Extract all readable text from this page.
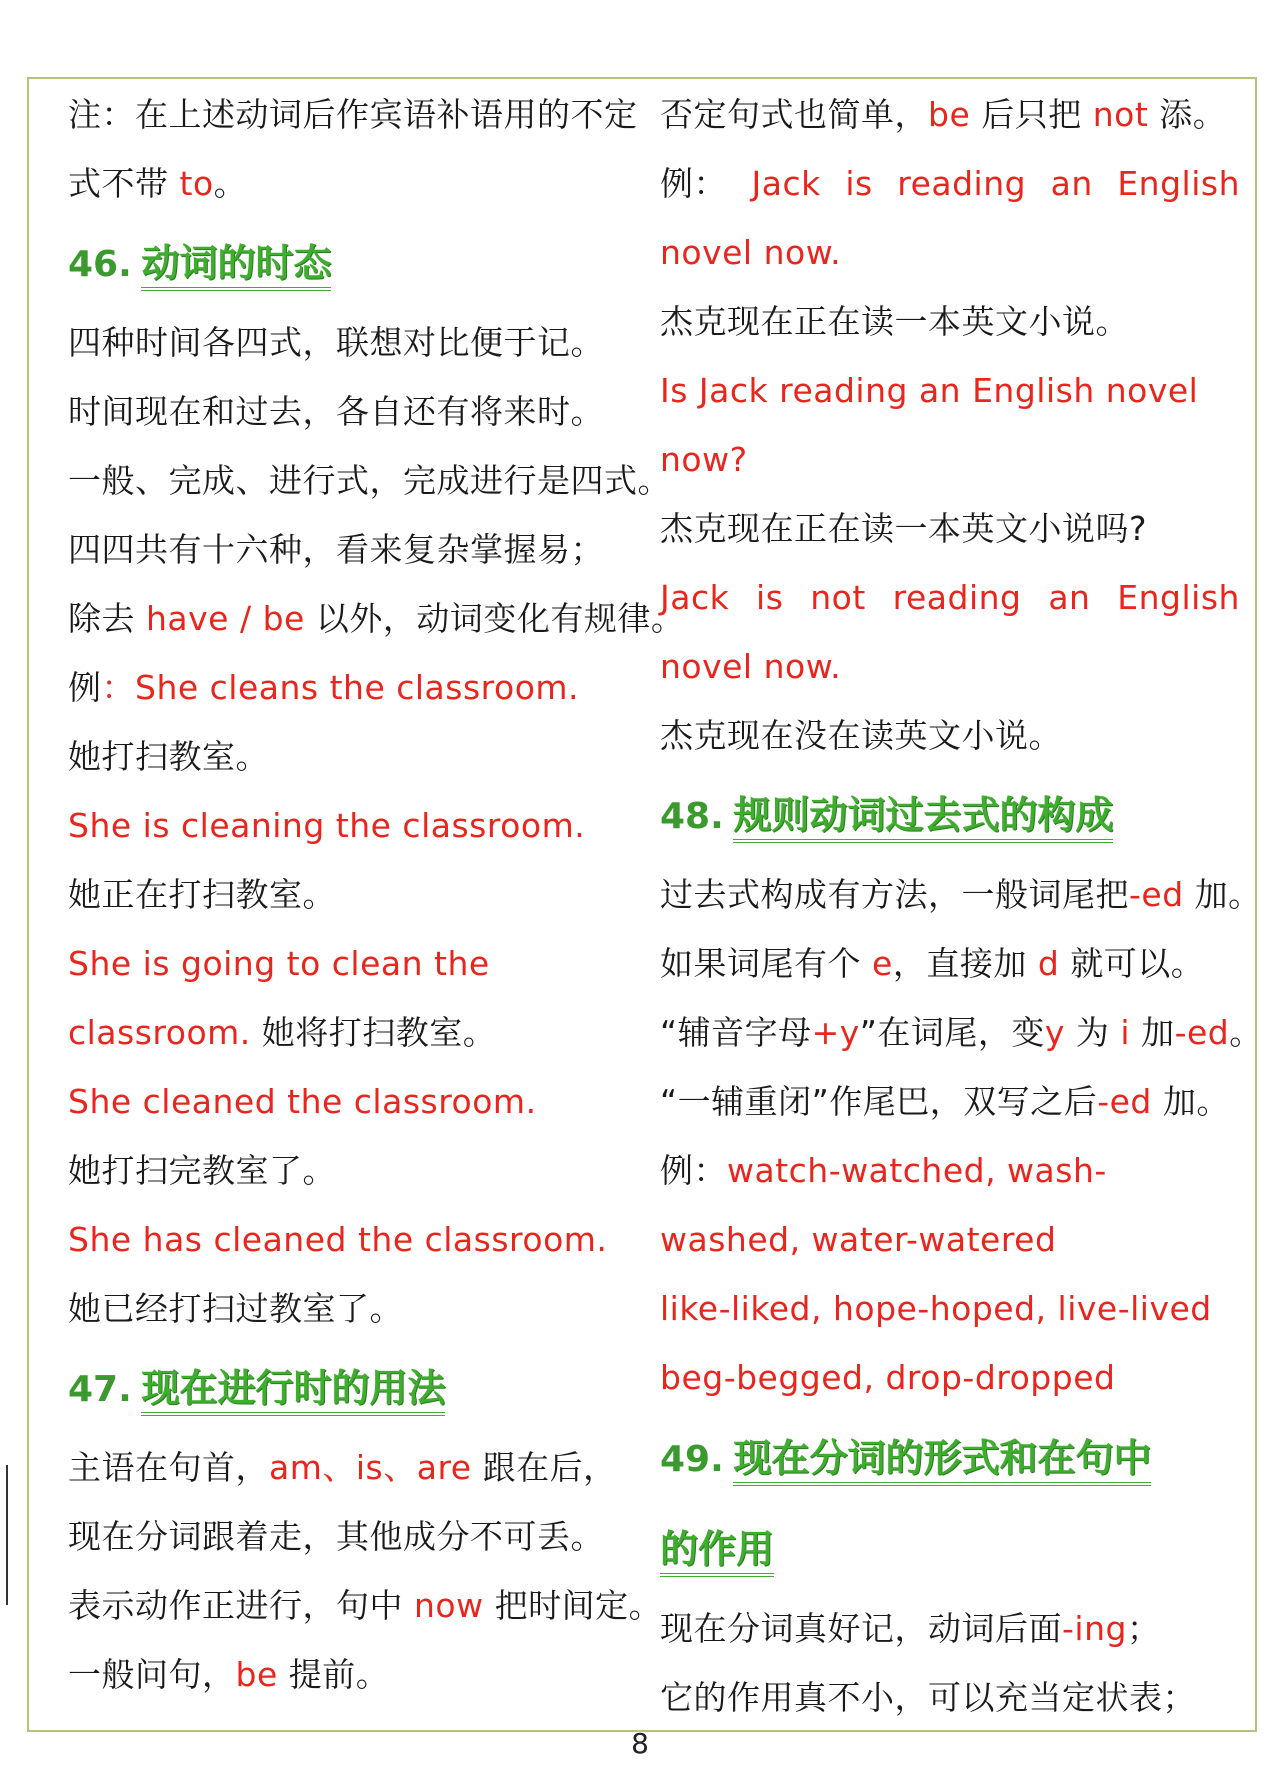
注：在上述动词后作宾语补语用的不定
式不带 to。
46. 动词的时态
四种时间各四式，联想对比便于记。
时间现在和过去，各自还有将来时。
一般、完成、进行式，完成进行是四式。
四四共有十六种，看来复杂掌握易；
除去 have / be 以外，动词变化有规律。
例：She cleans the classroom.
她打扫教室。
She is cleaning the classroom.
她正在打扫教室。
She is going to clean the
classroom. 她将打扫教室。
She cleaned the classroom.
她打扫完教室了。
She has cleaned the classroom.
她已经打扫过教室了。
47. 现在进行时的用法
主语在句首，am、is、are 跟在后，
现在分词跟着走，其他成分不可丢。
表示动作正进行，句中 now 把时间定。
一般问句，be 提前。
否定句式也简单，be 后只把 not 添。
例： Jack is reading an English
novel now.
杰克现在正在读一本英文小说。
Is Jack reading an English novel
now?
杰克现在正在读一本英文小说吗?
Jack is not reading an English
novel now.
杰克现在没在读英文小说。
48. 规则动词过去式的构成
过去式构成有方法，一般词尾把-ed 加。
如果词尾有个 e，直接加 d 就可以。
“辅音字母+y”在词尾，变y 为 i 加-ed。
“一辅重闭”作尾巴，双写之后-ed 加。
例：watch-watched, wash-
washed, water-watered
like-liked, hope-hoped, live-lived
beg-begged, drop-dropped
49. 现在分词的形式和在句中
的作用
现在分词真好记，动词后面-ing；
它的作用真不小，可以充当定状表；
8
